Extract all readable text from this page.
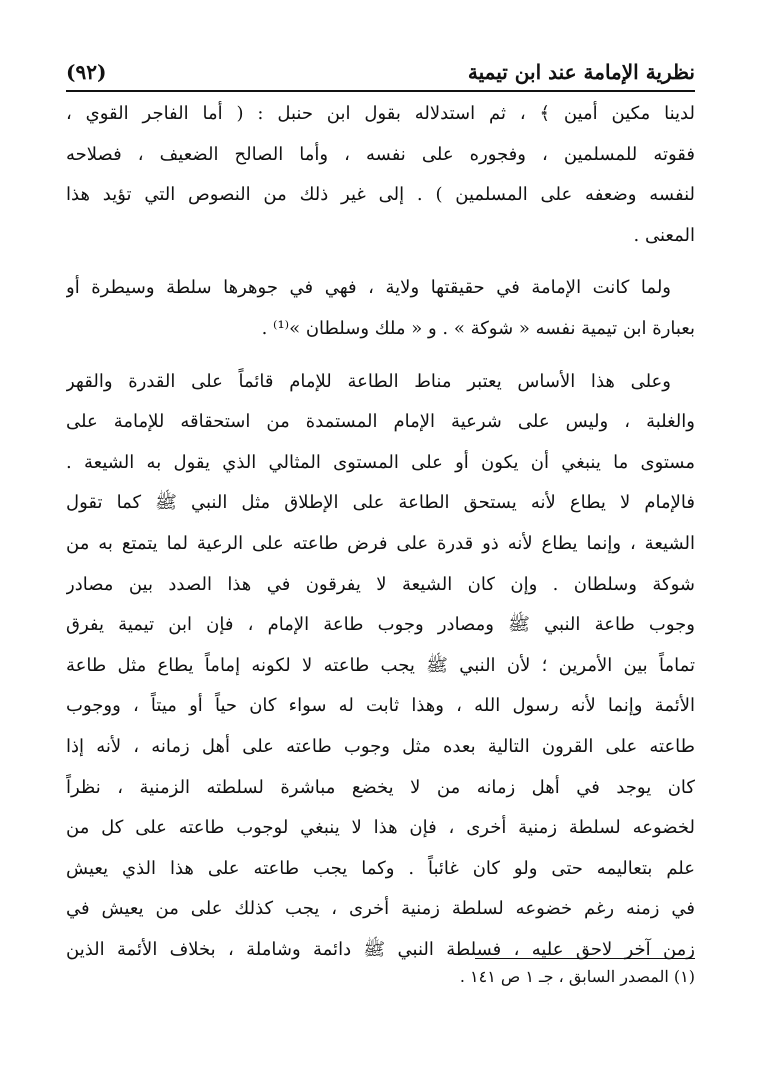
نظرية الإمامة عند ابن تيمية
(٩٢)
لدينا مكين أمين ﴾ ، ثم استدلاله بقول ابن حنبل : ( أما الفاجر القوي ،
فقوته للمسلمين ، وفجوره على نفسه ، وأما الصالح الضعيف ، فصلاحه
لنفسه وضعفه على المسلمين ) . إلى غير ذلك من النصوص التي تؤيد هذا
المعنى .
ولما كانت الإمامة في حقيقتها ولاية ، فهي في جوهرها سلطة وسيطرة أو
بعبارة ابن تيمية نفسه « شوكة » . و « ملك وسلطان »⁽¹⁾ .
وعلى هذا الأساس يعتبر مناط الطاعة للإمام قائماً على القدرة والقهر
والغلبة ، وليس على شرعية الإمام المستمدة من استحقاقه للإمامة على
مستوى ما ينبغي أن يكون أو على المستوى المثالي الذي يقول به الشيعة .
فالإمام لا يطاع لأنه يستحق الطاعة على الإطلاق مثل النبي ﷺ كما تقول
الشيعة ، وإنما يطاع لأنه ذو قدرة على فرض طاعته على الرعية لما يتمتع به من
شوكة وسلطان . وإن كان الشيعة لا يفرقون في هذا الصدد بين مصادر
وجوب طاعة النبي ﷺ ومصادر وجوب طاعة الإمام ، فإن ابن تيمية يفرق
تماماً بين الأمرين ؛ لأن النبي ﷺ يجب طاعته لا لكونه إماماً يطاع مثل طاعة
الأئمة وإنما لأنه رسول الله ، وهذا ثابت له سواء كان حياً أو ميتاً ، ووجوب
طاعته على القرون التالية بعده مثل وجوب طاعته على أهل زمانه ، لأنه إذا
كان يوجد في أهل زمانه من لا يخضع مباشرة لسلطته الزمنية ، نظراً
لخضوعه لسلطة زمنية أخرى ، فإن هذا لا ينبغي لوجوب طاعته على كل من
علم بتعاليمه حتى ولو كان غائباً . وكما يجب طاعته على هذا الذي يعيش
في زمنه رغم خضوعه لسلطة زمنية أخرى ، يجب كذلك على من يعيش في
زمن آخر لاحق عليه ، فسلطة النبي ﷺ دائمة وشاملة ، بخلاف الأئمة الذين
(١) المصدر السابق ، جـ ١ ص ١٤١ .
